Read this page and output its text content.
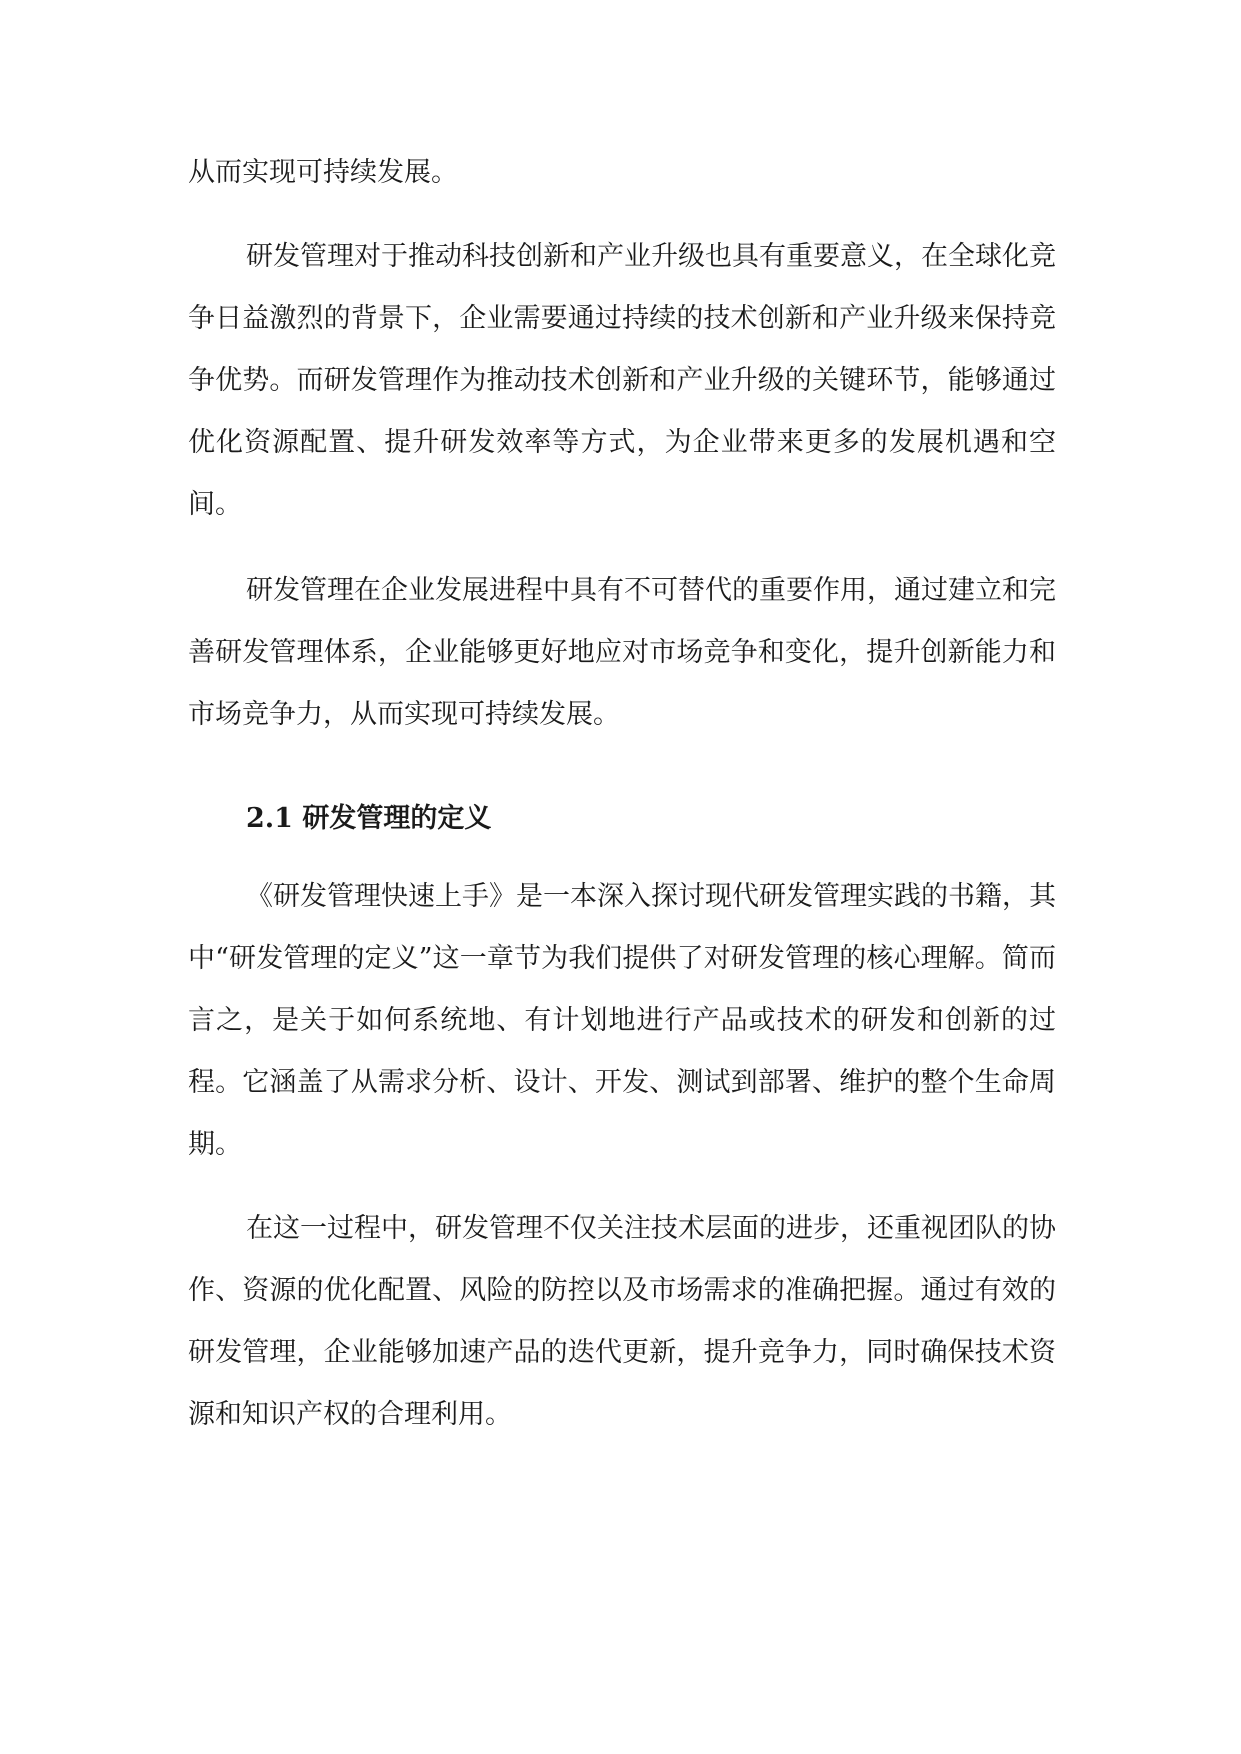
从而实现可持续发展。

研发管理对于推动科技创新和产业升级也具有重要意义，在全球化竞争日益激烈的背景下，企业需要通过持续的技术创新和产业升级来保持竞争优势。而研发管理作为推动技术创新和产业升级的关键环节，能够通过优化资源配置、提升研发效率等方式，为企业带来更多的发展机遇和空间。

研发管理在企业发展进程中具有不可替代的重要作用，通过建立和完善研发管理体系，企业能够更好地应对市场竞争和变化，提升创新能力和市场竞争力，从而实现可持续发展。

2.1 研发管理的定义

《研发管理快速上手》是一本深入探讨现代研发管理实践的书籍，其中“研发管理的定义”这一章节为我们提供了对研发管理的核心理解。简而言之，是关于如何系统地、有计划地进行产品或技术的研发和创新的过程。它涵盖了从需求分析、设计、开发、测试到部署、维护的整个生命周期。

在这一过程中，研发管理不仅关注技术层面的进步，还重视团队的协作、资源的优化配置、风险的防控以及市场需求的准确把握。通过有效的研发管理，企业能够加速产品的迭代更新，提升竞争力，同时确保技术资源和知识产权的合理利用。
